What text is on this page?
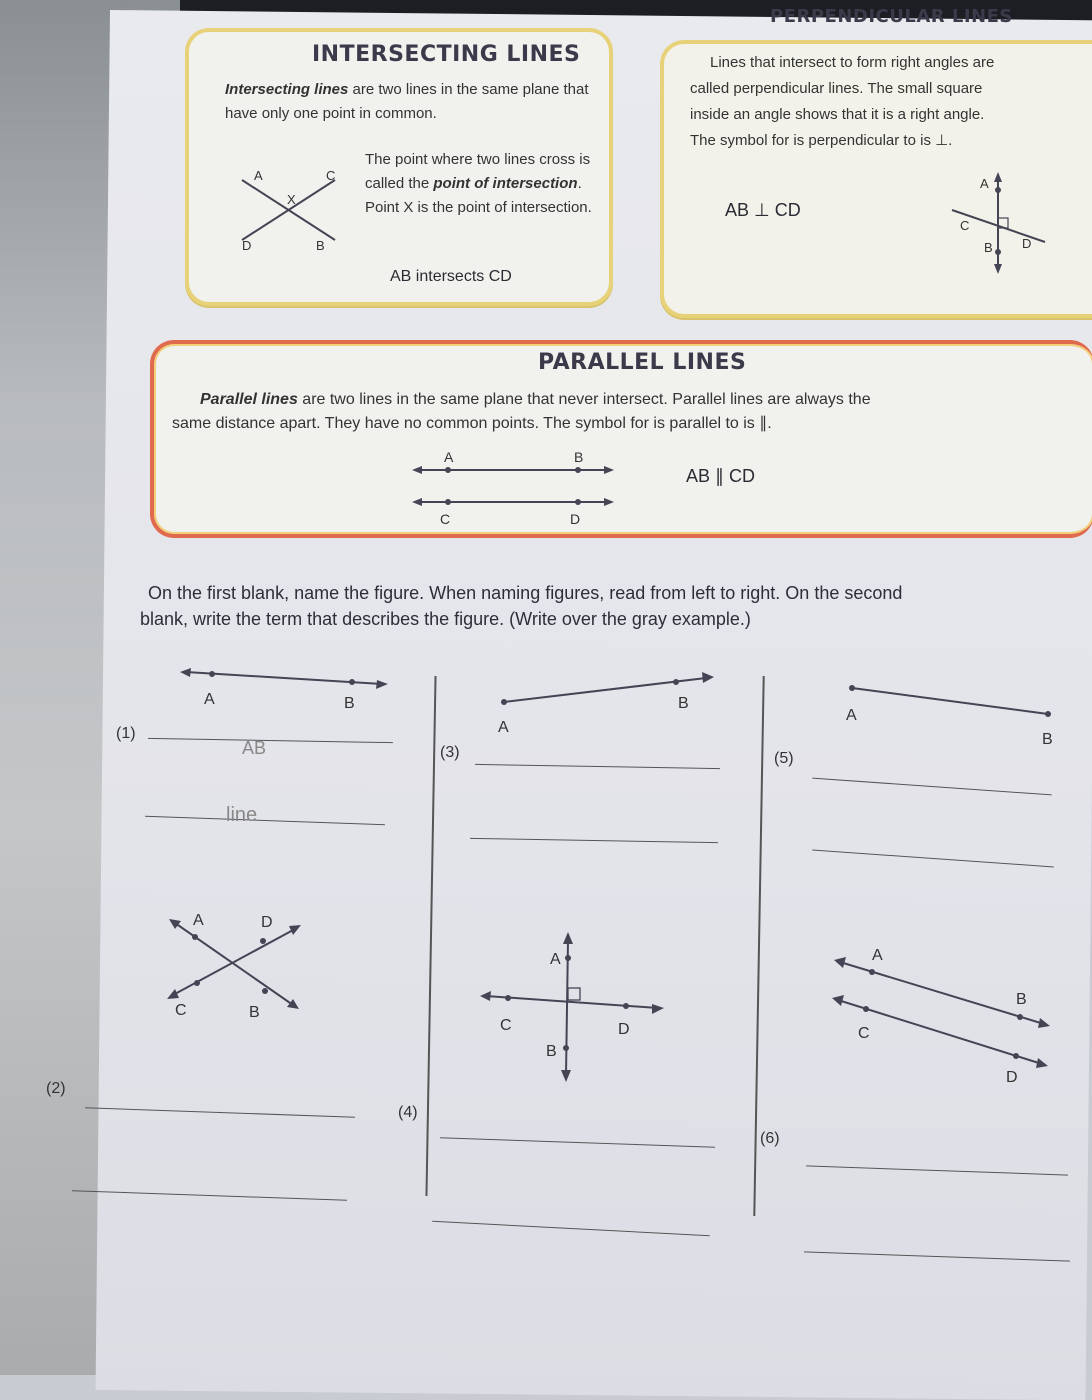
PERPENDICULAR LINES
Lines that intersect to form right angles are
called perpendicular lines. The small square
inside an angle shows that it is a right angle.
The symbol for is perpendicular to is ⊥.
AB ⊥ CD
A
C
B D
INTERSECTING LINES
Intersecting lines are two lines in the same plane that have only one point in common.
A	C
X
D	B
The point where two lines cross is called the point of intersection. Point X is the point of intersection.
AB intersects CD
PARALLEL LINES
Parallel lines are two lines in the same plane that never intersect. Parallel lines are always the
same distance apart. They have no common points. The symbol for is parallel to is ∥.
A	B
C	D
AB ∥ CD
On the first blank, name the figure. When naming figures, read from left to right. On the second
blank, write the term that describes the figure. (Write over the gray example.)
A	B
(1)
AB
line
A	D
C	B
(2)
A
B
(3)
A
C	D
B
(4)
A
B
(5)
A
B
C
D
(6)
